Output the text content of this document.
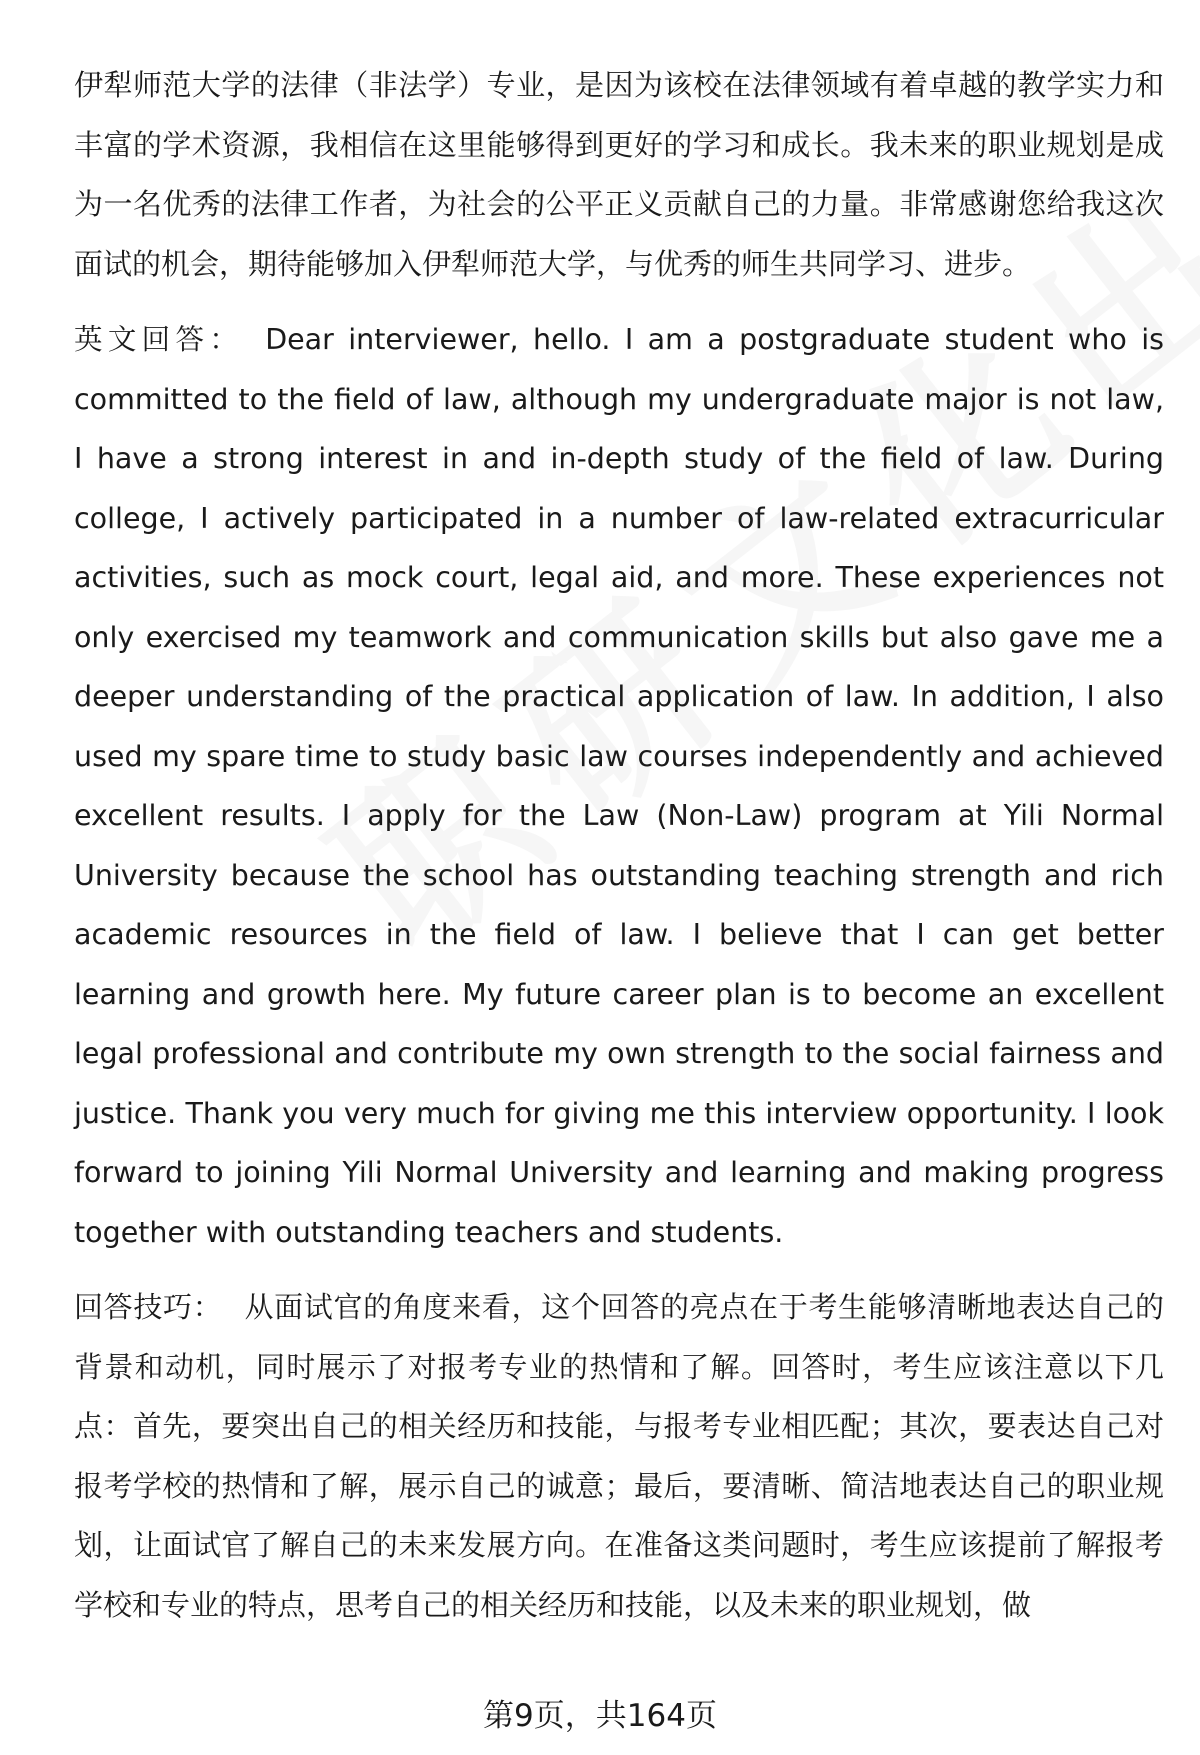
伊犁师范大学的法律（非法学）专业，是因为该校在法律领域有着卓越的教学实力和丰富的学术资源，我相信在这里能够得到更好的学习和成长。我未来的职业规划是成为一名优秀的法律工作者，为社会的公平正义贡献自己的力量。非常感谢您给我这次面试的机会，期待能够加入伊犁师范大学，与优秀的师生共同学习、进步。

英文回答： Dear interviewer, hello. I am a postgraduate student who is committed to the field of law, although my undergraduate major is not law, I have a strong interest in and in-depth study of the field of law. During college, I actively participated in a number of law-related extracurricular activities, such as mock court, legal aid, and more. These experiences not only exercised my teamwork and communication skills but also gave me a deeper understanding of the practical application of law. In addition, I also used my spare time to study basic law courses independently and achieved excellent results. I apply for the Law (Non-Law) program at Yili Normal University because the school has outstanding teaching strength and rich academic resources in the field of law. I believe that I can get better learning and growth here. My future career plan is to become an excellent legal professional and contribute my own strength to the social fairness and justice. Thank you very much for giving me this interview opportunity. I look forward to joining Yili Normal University and learning and making progress together with outstanding teachers and students.

回答技巧： 从面试官的角度来看，这个回答的亮点在于考生能够清晰地表达自己的背景和动机，同时展示了对报考专业的热情和了解。回答时，考生应该注意以下几点：首先，要突出自己的相关经历和技能，与报考专业相匹配；其次，要表达自己对报考学校的热情和了解，展示自己的诚意；最后，要清晰、简洁地表达自己的职业规划，让面试官了解自己的未来发展方向。在准备这类问题时，考生应该提前了解报考学校和专业的特点，思考自己的相关经历和技能，以及未来的职业规划，做

第9页，共164页
